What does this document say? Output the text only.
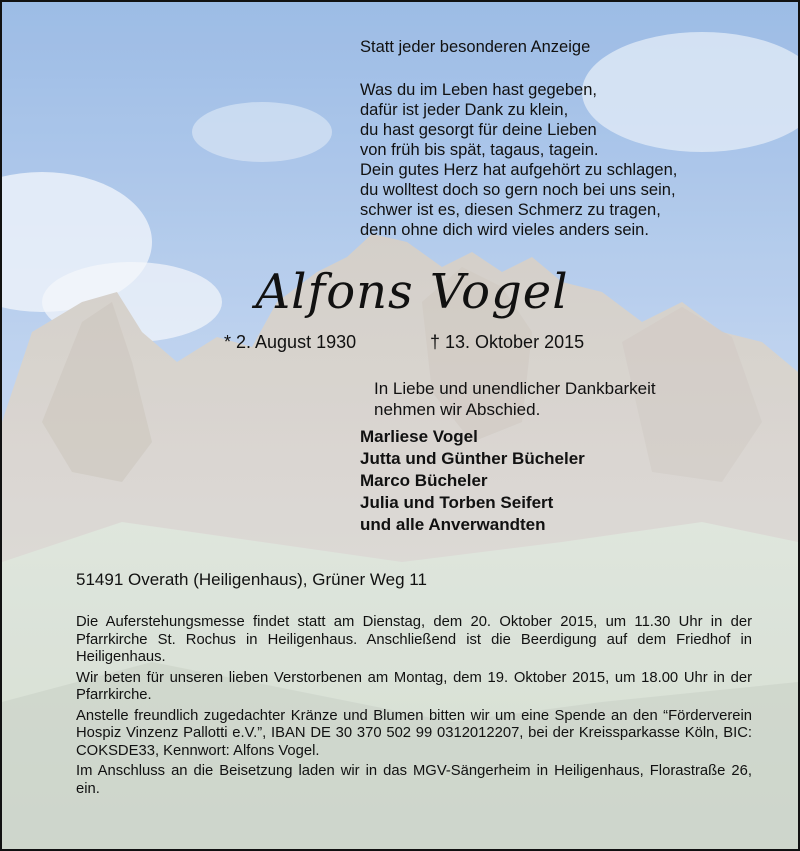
Statt jeder besonderen Anzeige
Was du im Leben hast gegeben,
dafür ist jeder Dank zu klein,
du hast gesorgt für deine Lieben
von früh bis spät, tagaus, tagein.
Dein gutes Herz hat aufgehört zu schlagen,
du wolltest doch so gern noch bei uns sein,
schwer ist es, diesen Schmerz zu tragen,
denn ohne dich wird vieles anders sein.
Alfons Vogel
* 2. August 1930	† 13. Oktober 2015
In Liebe und unendlicher Dankbarkeit
nehmen wir Abschied.
Marliese Vogel
Jutta und Günther Bücheler
Marco Bücheler
Julia und Torben Seifert
und alle Anverwandten
51491 Overath (Heiligenhaus), Grüner Weg 11

Die Auferstehungsmesse findet statt am Dienstag, dem 20. Oktober 2015, um 11.30 Uhr in der Pfarrkirche St. Rochus in Heiligenhaus. Anschließend ist die Beerdigung auf dem Friedhof in Heiligenhaus.

Wir beten für unseren lieben Verstorbenen am Montag, dem 19. Oktober 2015, um 18.00 Uhr in der Pfarrkirche.

Anstelle freundlich zugedachter Kränze und Blumen bitten wir um eine Spende an den “Förderverein Hospiz Vinzenz Pallotti e.V.”, IBAN DE 30 370 502 99 0312012207, bei der Kreissparkasse Köln, BIC: COKSDE33, Kennwort: Alfons Vogel.

Im Anschluss an die Beisetzung laden wir in das MGV-Sängerheim in Heiligenhaus, Florastraße 26, ein.
